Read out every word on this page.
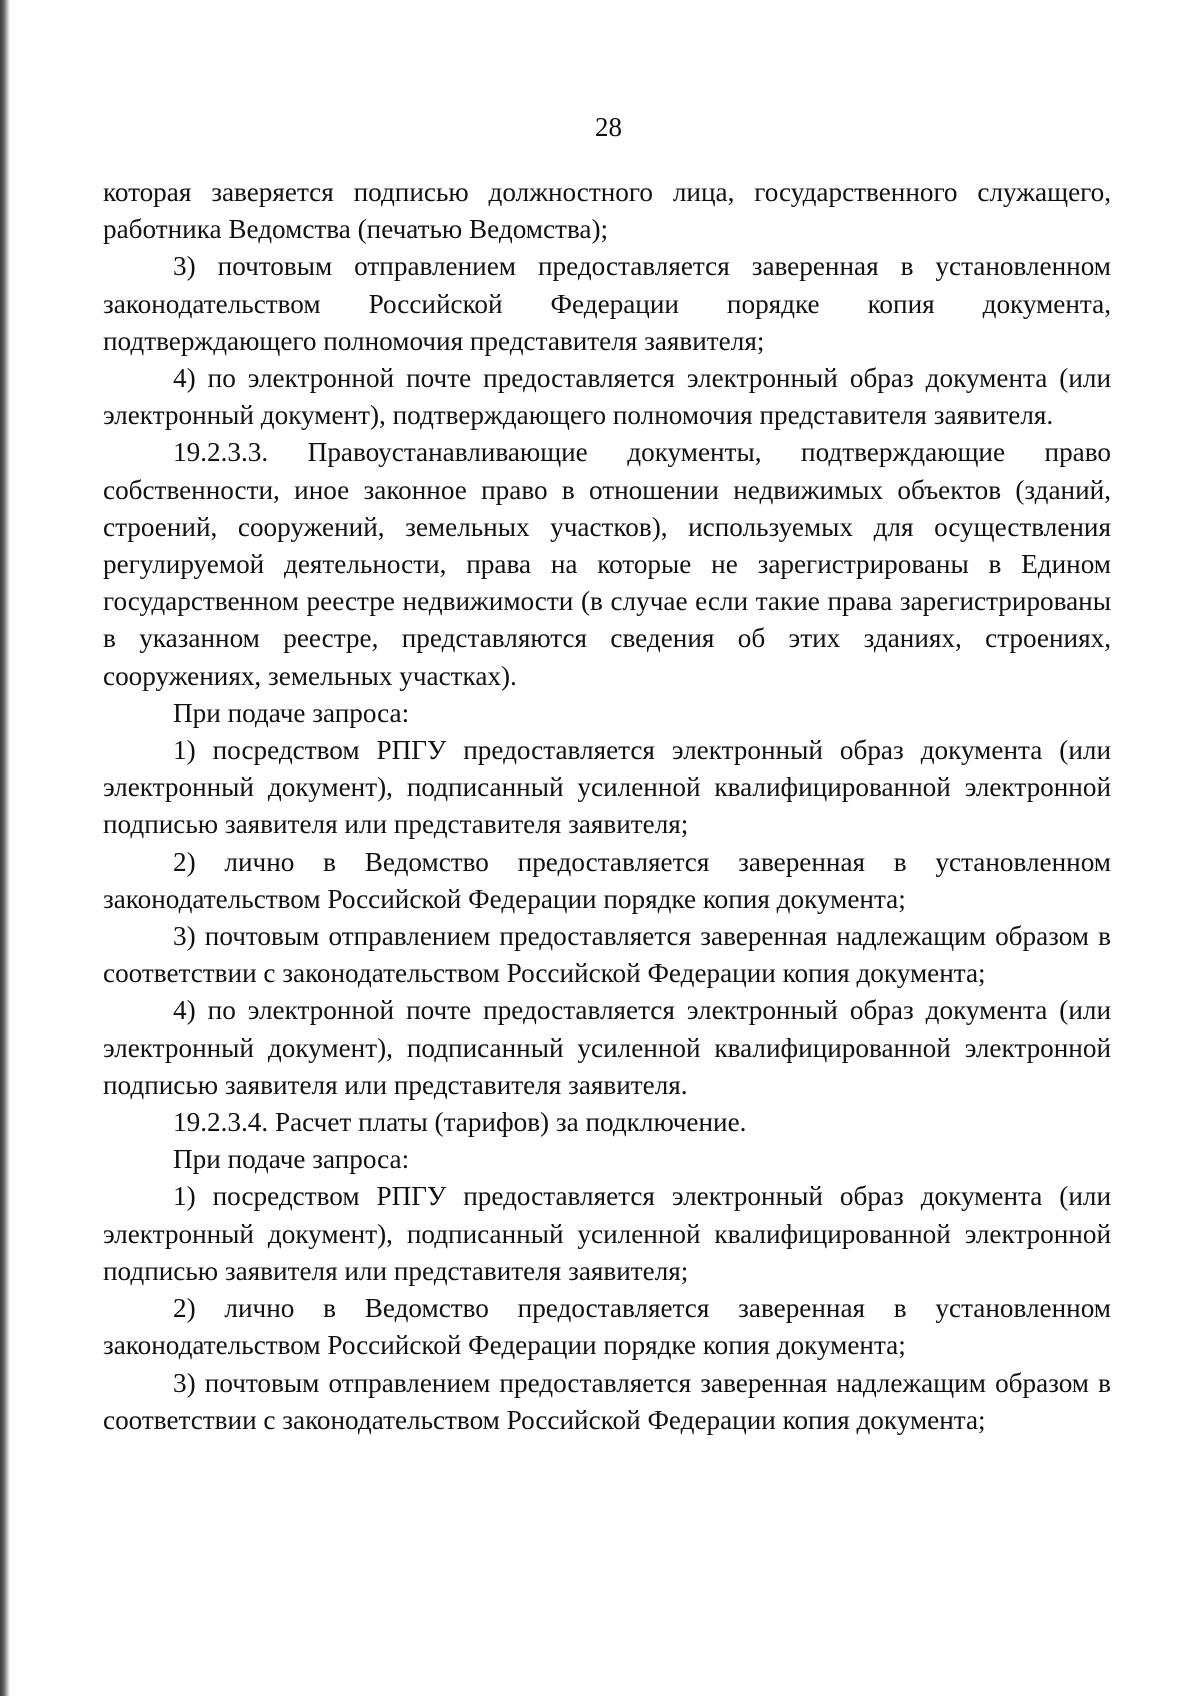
28

которая заверяется подписью должностного лица, государственного служащего, работника Ведомства (печатью Ведомства);

3) почтовым отправлением предоставляется заверенная в установленном законодательством Российской Федерации порядке копия документа, подтверждающего полномочия представителя заявителя;

4) по электронной почте предоставляется электронный образ документа (или электронный документ), подтверждающего полномочия представителя заявителя.

19.2.3.3. Правоустанавливающие документы, подтверждающие право собственности, иное законное право в отношении недвижимых объектов (зданий, строений, сооружений, земельных участков), используемых для осуществления регулируемой деятельности, права на которые не зарегистрированы в Едином государственном реестре недвижимости (в случае если такие права зарегистрированы в указанном реестре, представляются сведения об этих зданиях, строениях, сооружениях, земельных участках).

При подаче запроса:

1) посредством РПГУ предоставляется электронный образ документа (или электронный документ), подписанный усиленной квалифицированной электронной подписью заявителя или представителя заявителя;

2) лично в Ведомство предоставляется заверенная в установленном законодательством Российской Федерации порядке копия документа;

3) почтовым отправлением предоставляется заверенная надлежащим образом в соответствии с законодательством Российской Федерации копия документа;

4) по электронной почте предоставляется электронный образ документа (или электронный документ), подписанный усиленной квалифицированной электронной подписью заявителя или представителя заявителя.

19.2.3.4. Расчет платы (тарифов) за подключение.

При подаче запроса:

1) посредством РПГУ предоставляется электронный образ документа (или электронный документ), подписанный усиленной квалифицированной электронной подписью заявителя или представителя заявителя;

2) лично в Ведомство предоставляется заверенная в установленном законодательством Российской Федерации порядке копия документа;

3) почтовым отправлением предоставляется заверенная надлежащим образом в соответствии с законодательством Российской Федерации копия документа;
